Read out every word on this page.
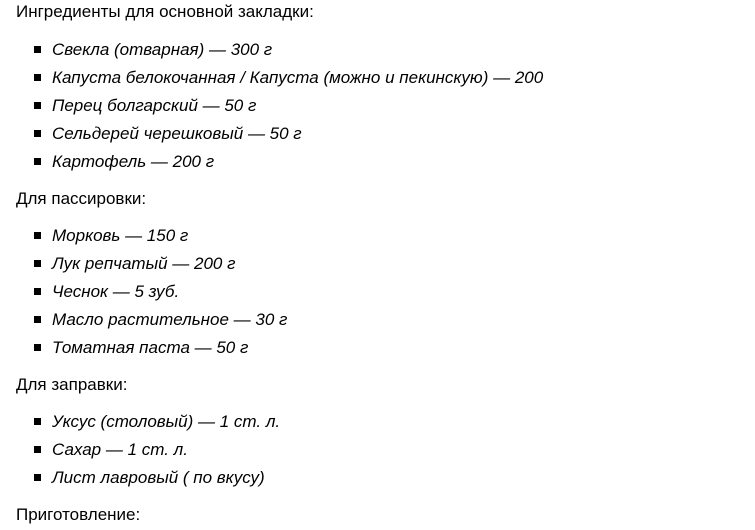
Ингредиенты для основной закладки:

Свекла (отварная) — 300 г
Капуста белокочанная / Капуста (можно и пекинскую) — 200
Перец болгарский — 50 г
Сельдерей черешковый — 50 г
Картофель — 200 г

Для пассировки:

Морковь — 150 г
Лук репчатый — 200 г
Чеснок — 5 зуб.
Масло растительное — 30 г
Томатная паста — 50 г

Для заправки:

Уксус (столовый) — 1 ст. л.
Сахар — 1 ст. л.
Лист лавровый ( по вкусу)

Приготовление:
